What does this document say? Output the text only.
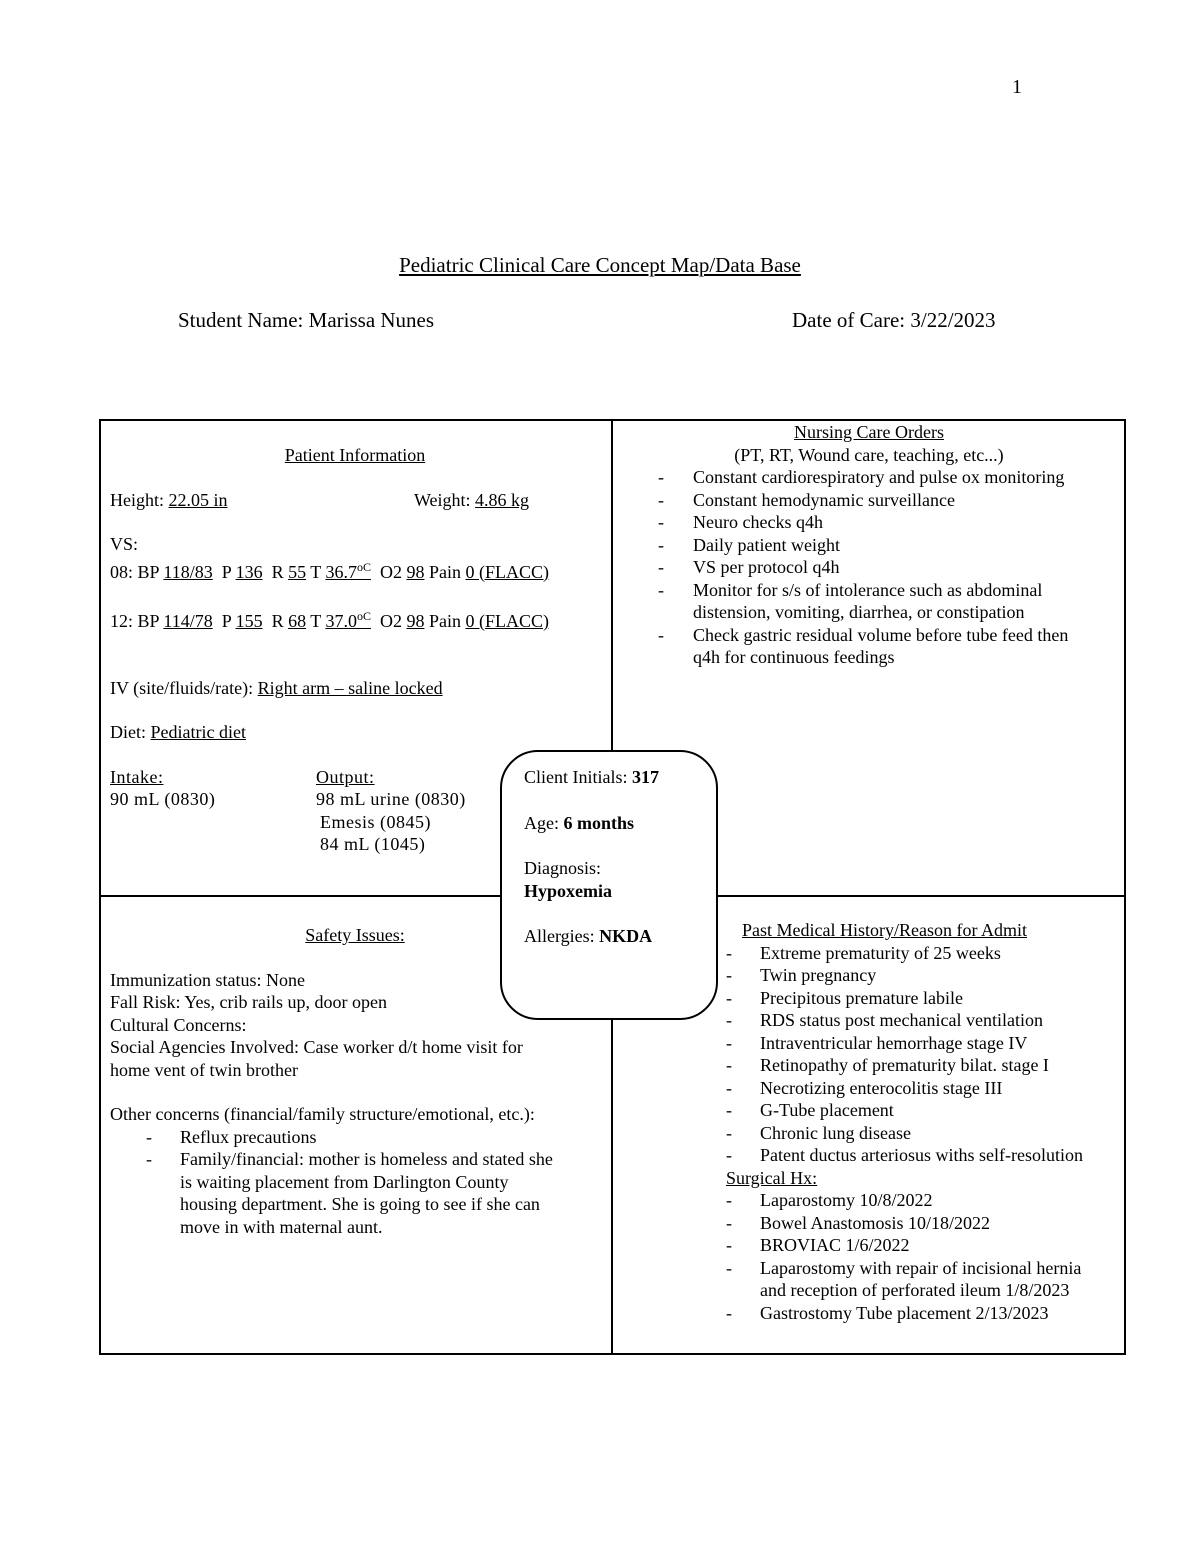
1
Pediatric Clinical Care Concept Map/Data Base
Student Name: Marissa Nunes	Date of Care: 3/22/2023
Patient Information
Height: 22.05 in	Weight: 4.86 kg
VS:
08: BP 118/83  P 136  R 55 T $36.7^{oC}$  O2 98 Pain 0 (FLACC)
12: BP 114/78  P 155  R 68 T $37.0^{oC}$  O2 98 Pain 0 (FLACC)
IV (site/fluids/rate): Right arm – saline locked
Diet: Pediatric diet
Intake:
90 mL (0830)
Output:
98 mL urine (0830)
Emesis (0845)
84 mL (1045)
Nursing Care Orders
(PT, RT, Wound care, teaching, etc...)
-	Constant cardiorespiratory and pulse ox monitoring
-	Constant hemodynamic surveillance
-	Neuro checks q4h
-	Daily patient weight
-	VS per protocol q4h
-	Monitor for s/s of intolerance such as abdominal
distension, vomiting, diarrhea, or constipation
-	Check gastric residual volume before tube feed then
q4h for continuous feedings
Safety Issues:
Immunization status: None
Fall Risk: Yes, crib rails up, door open
Cultural Concerns:
Social Agencies Involved: Case worker d/t home visit for
home vent of twin brother
Other concerns (financial/family structure/emotional, etc.):
-	Reflux precautions
-	Family/financial: mother is homeless and stated she
is waiting placement from Darlington County
housing department. She is going to see if she can
move in with maternal aunt.
Past Medical History/Reason for Admit
-	Extreme prematurity of 25 weeks
-	Twin pregnancy
-	Precipitous premature labile
-	RDS status post mechanical ventilation
-	Intraventricular hemorrhage stage IV
-	Retinopathy of prematurity bilat. stage I
-	Necrotizing enterocolitis stage III
-	G-Tube placement
-	Chronic lung disease
-	Patent ductus arteriosus withs self-resolution
Surgical Hx:
-	Laparostomy 10/8/2022
-	Bowel Anastomosis 10/18/2022
-	BROVIAC 1/6/2022
-	Laparostomy with repair of incisional hernia
and reception of perforated ileum 1/8/2023
-	Gastrostomy Tube placement 2/13/2023
Client Initials: 317
Age: 6 months
Diagnosis:
Hypoxemia
Allergies: NKDA
